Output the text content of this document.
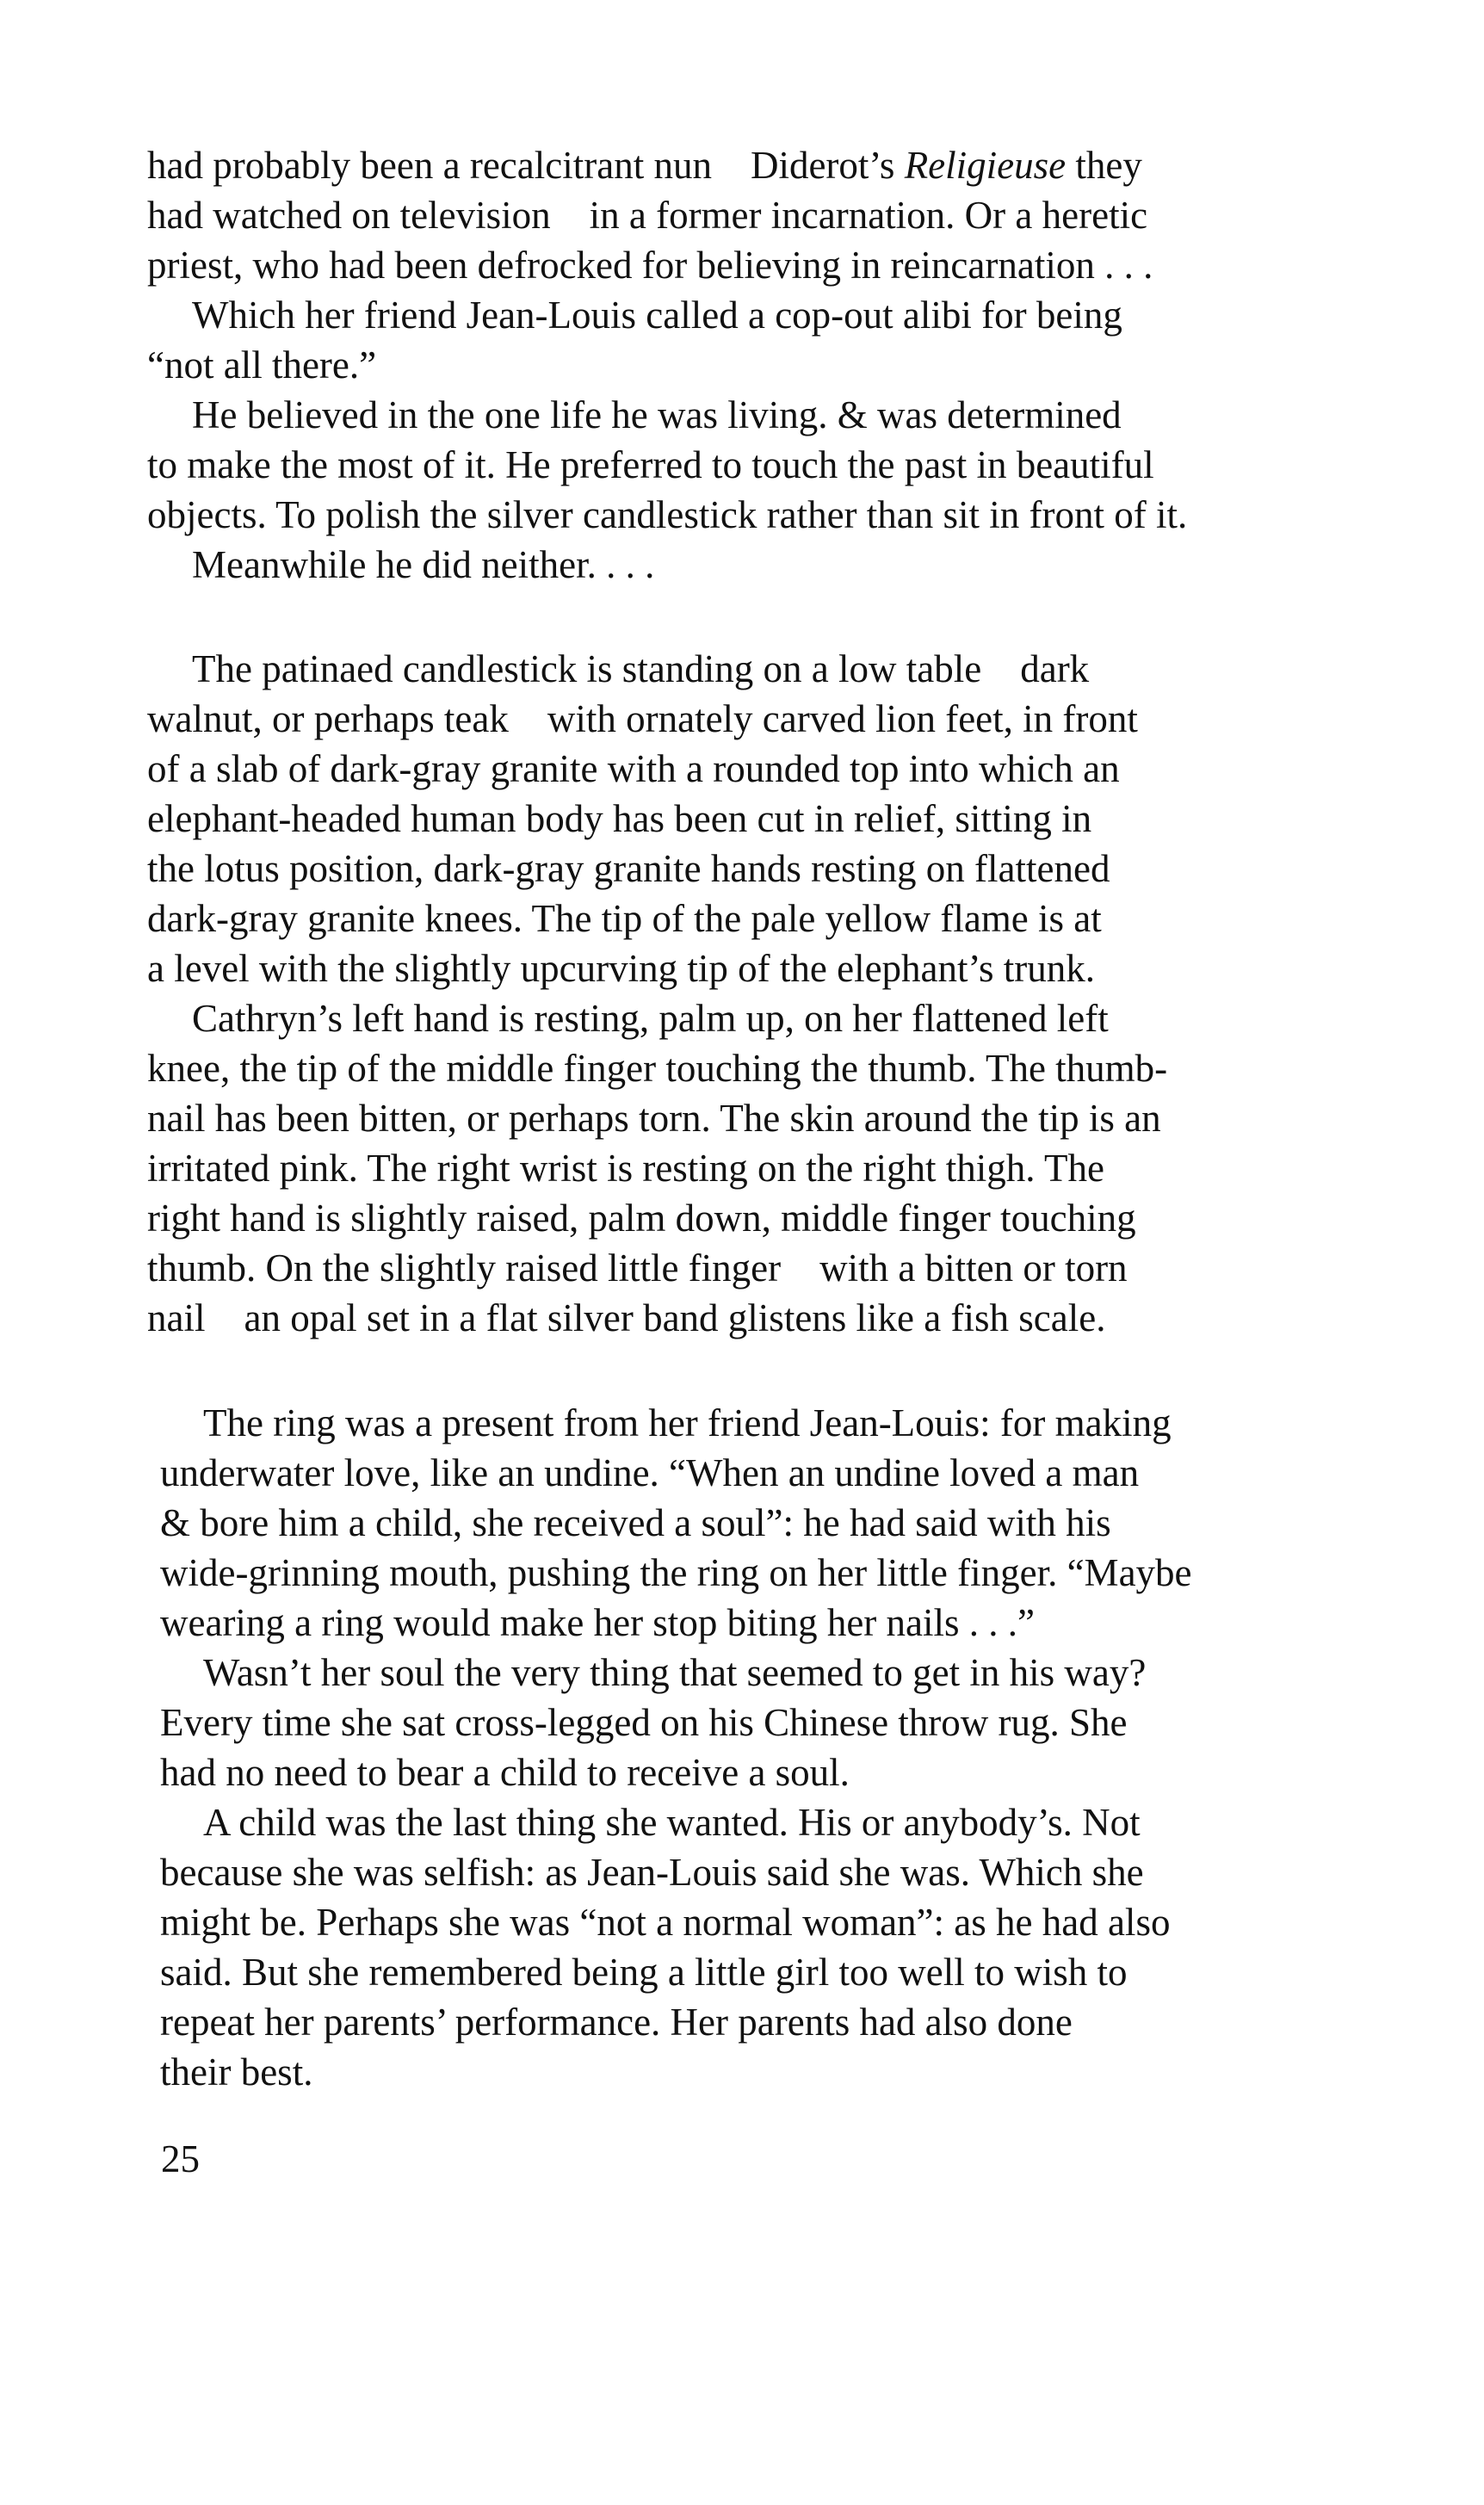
had probably been a recalcitrant nun    Diderot’s Religieuse they
had watched on television    in a former incarnation. Or a heretic
priest, who had been defrocked for believing in reincarnation . . .
Which her friend Jean-Louis called a cop-out alibi for being
“not all there.”
He believed in the one life he was living. & was determined
to make the most of it. He preferred to touch the past in beautiful
objects. To polish the silver candlestick rather than sit in front of it.
Meanwhile he did neither. . . .
The patinaed candlestick is standing on a low table    dark
walnut, or perhaps teak    with ornately carved lion feet, in front
of a slab of dark-gray granite with a rounded top into which an
elephant-headed human body has been cut in relief, sitting in
the lotus position, dark-gray granite hands resting on flattened
dark-gray granite knees. The tip of the pale yellow flame is at
a level with the slightly upcurving tip of the elephant’s trunk.
Cathryn’s left hand is resting, palm up, on her flattened left
knee, the tip of the middle finger touching the thumb. The thumb-
nail has been bitten, or perhaps torn. The skin around the tip is an
irritated pink. The right wrist is resting on the right thigh. The
right hand is slightly raised, palm down, middle finger touching
thumb. On the slightly raised little finger    with a bitten or torn
nail    an opal set in a flat silver band glistens like a fish scale.
The ring was a present from her friend Jean-Louis: for making
underwater love, like an undine. “When an undine loved a man
& bore him a child, she received a soul”: he had said with his
wide-grinning mouth, pushing the ring on her little finger. “Maybe
wearing a ring would make her stop biting her nails . . .”
Wasn’t her soul the very thing that seemed to get in his way?
Every time she sat cross-legged on his Chinese throw rug. She
had no need to bear a child to receive a soul.
A child was the last thing she wanted. His or anybody’s. Not
because she was selfish: as Jean-Louis said she was. Which she
might be. Perhaps she was “not a normal woman”: as he had also
said. But she remembered being a little girl too well to wish to
repeat her parents’ performance. Her parents had also done
their best.
25
